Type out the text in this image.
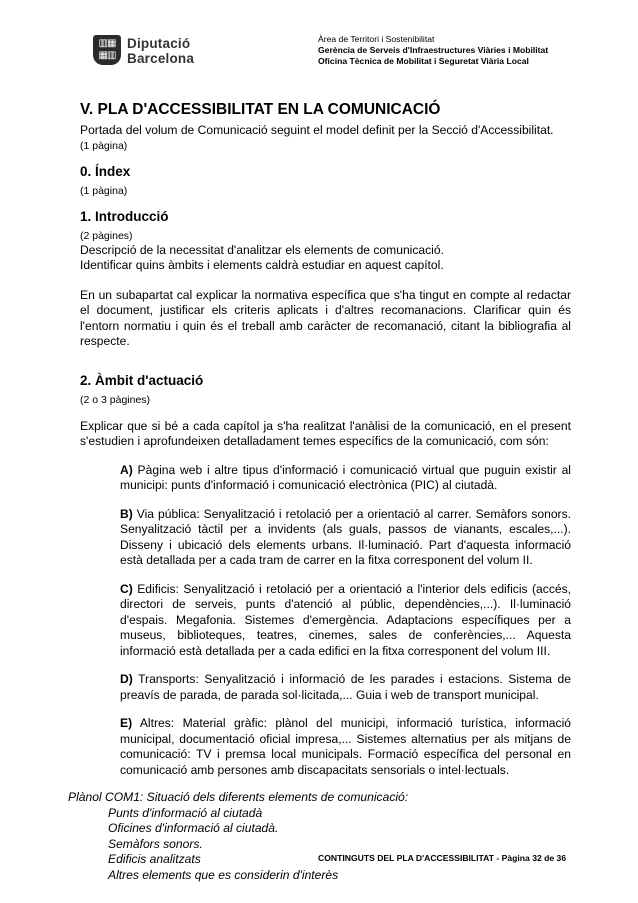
▥▦
▦▥
Diputació
Barcelona
Àrea de Territori i Sostenibilitat
Gerència de Serveis d'Infraestructures Viàries i Mobilitat
Oficina Tècnica de Mobilitat i Seguretat Viària Local
V. PLA D'ACCESSIBILITAT EN LA COMUNICACIÓ

Portada del volum de Comunicació seguint el model definit per la Secció d'Accessibilitat.

(1 pàgina)

0. Índex

(1 pàgina)

1. Introducció

(2 pàgines)

Descripció de la necessitat d'analitzar els elements de comunicació.

Identificar quins àmbits i elements caldrà estudiar en aquest capítol.

En un subapartat cal explicar la normativa específica que s'ha tingut en compte al redactar el document, justificar els criteris aplicats i d'altres recomanacions. Clarificar quin és l'entorn normatiu i quin és el treball amb caràcter de recomanació, citant la bibliografia al respecte.

2. Àmbit d'actuació

(2 o 3 pàgines)

Explicar que si bé a cada capítol ja s'ha realitzat l'anàlisi de la comunicació, en el present s'estudien i aprofundeixen detalladament temes específics de la comunicació, com són:

A) Pàgina web i altre tipus d'informació i comunicació virtual que puguin existir al municipi: punts d'informació i comunicació electrònica (PIC) al ciutadà.

B) Via pública: Senyalització i retolació per a orientació al carrer. Semàfors sonors. Senyalització tàctil per a invidents (als guals, passos de vianants, escales,...). Disseny i ubicació dels elements urbans. Il·luminació. Part d'aquesta informació està detallada per a cada tram de carrer en la fitxa corresponent del volum II.

C) Edificis: Senyalització i retolació per a orientació a l'interior dels edificis (accés, directori de serveis, punts d'atenció al públic, dependències,...). Il·luminació d'espais. Megafonia. Sistemes d'emergència. Adaptacions específiques per a museus, biblioteques, teatres, cinemes, sales de conferències,... Aquesta informació està detallada per a cada edifici en la fitxa corresponent del volum III.

D) Transports: Senyalització i informació de les parades i estacions. Sistema de preavís de parada, de parada sol·licitada,... Guia i web de transport municipal.

E) Altres: Material gràfic: plànol del municipi, informació turística, informació municipal, documentació oficial impresa,... Sistemes alternatius per als mitjans de comunicació: TV i premsa local municipals. Formació específica del personal en comunicació amb persones amb discapacitats sensorials o intel·lectuals.

Plànol COM1: Situació dels diferents elements de comunicació:

Punts d'informació al ciutadà

Oficines d'informació al ciutadà.

Semàfors sonors.

Edificis analitzats

Altres elements que es considerin d'interès

CONTINGUTS DEL PLA D'ACCESSIBILITAT - Pàgina 32 de 36
